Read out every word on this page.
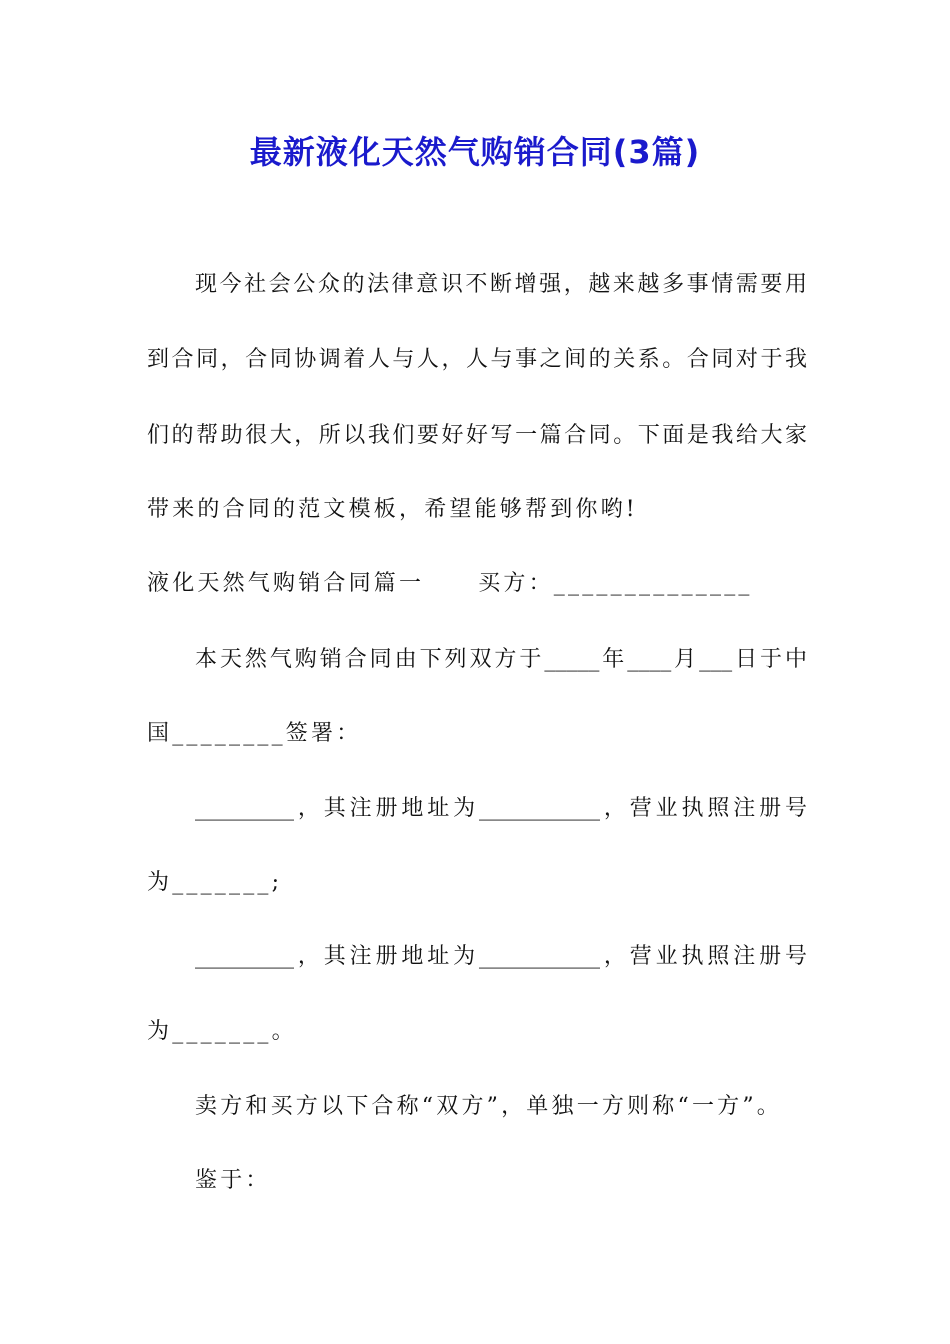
最新液化天然气购销合同(3篇)
现今社会公众的法律意识不断增强，越来越多事情需要用
到合同，合同协调着人与人，人与事之间的关系。合同对于我
们的帮助很大，所以我们要好好写一篇合同。下面是我给大家
带来的合同的范文模板，希望能够帮到你哟!
液化天然气购销合同篇一 买方：______________
本天然气购销合同由下列双方于_____年____月___日于中
国________签署：
_________，其注册地址为___________，营业执照注册号
为_______;
_________，其注册地址为___________，营业执照注册号
为_______。
卖方和买方以下合称“双方”，单独一方则称“一方”。
鉴于：
